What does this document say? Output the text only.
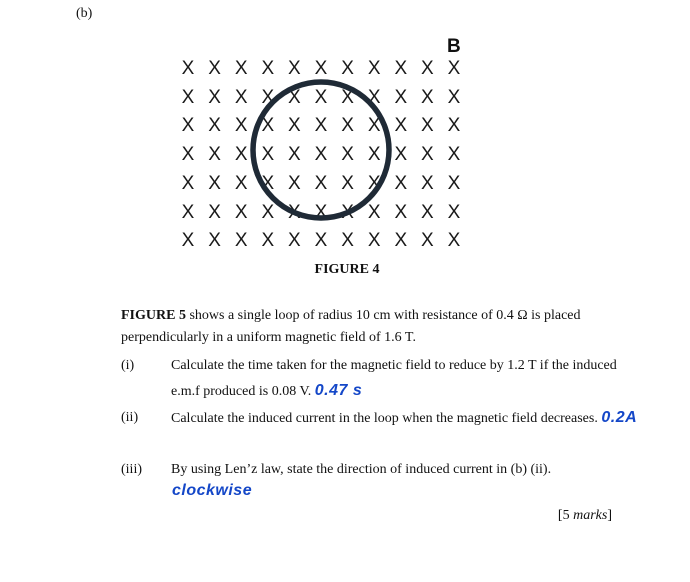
(b)
B
X X X X X X X X X X X
X X X X X X X X X X X
X X X X X X X X X X X
X X X X X X X X X X X
X X X X X X X X X X X
X X X X X X X X X X X
X X X X X X X X X X X
FIGURE 4
FIGURE 5 shows a single loop of radius 10 cm with resistance of 0.4 Ω is placed perpendicularly in a uniform magnetic field of 1.6 T.
(i)	Calculate the time taken for the magnetic field to reduce by 1.2 T if the induced e.m.f produced is 0.08 V. 0.47 s
(ii)	Calculate the induced current in the loop when the magnetic field decreases. 0.2A
(iii)	By using Len’z law, state the direction of induced current in (b) (ii).
clockwise
[5 marks]
